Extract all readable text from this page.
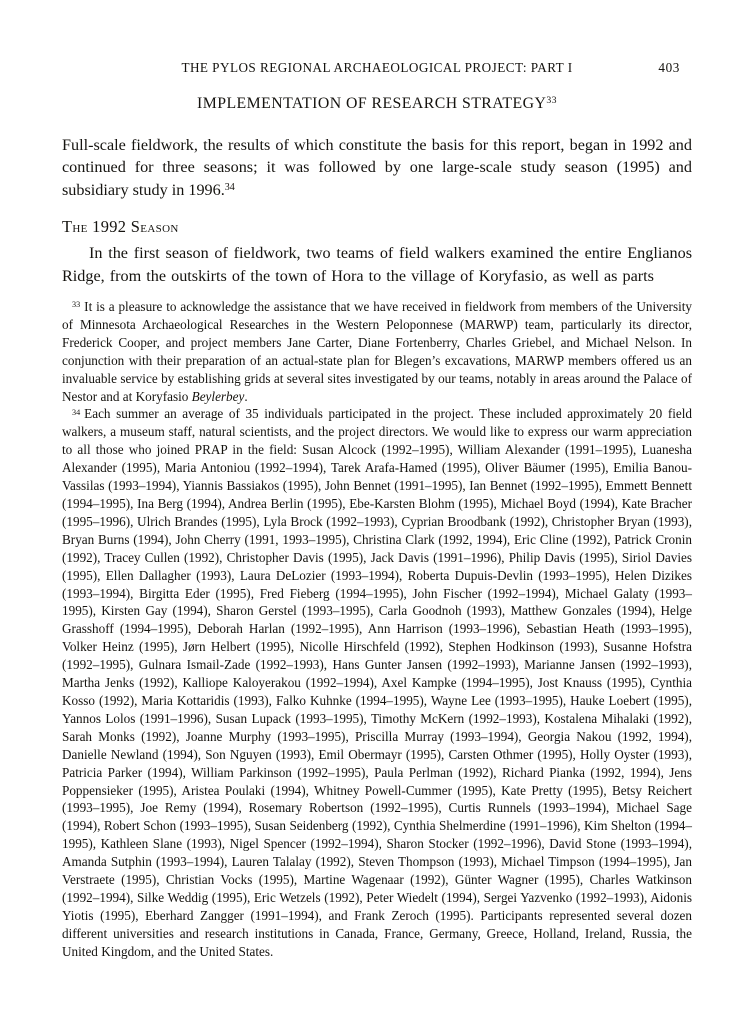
THE PYLOS REGIONAL ARCHAEOLOGICAL PROJECT: PART I	403
IMPLEMENTATION OF RESEARCH STRATEGY$^{33}$

Full-scale fieldwork, the results of which constitute the basis for this report, began in 1992 and continued for three seasons; it was followed by one large-scale study season (1995) and subsidiary study in 1996.34

The 1992 Season

In the first season of fieldwork, two teams of field walkers examined the entire Englianos Ridge, from the outskirts of the town of Hora to the village of Koryfasio, as well as parts

$^{33}$ It is a pleasure to acknowledge the assistance that we have received in fieldwork from members of the University of Minnesota Archaeological Researches in the Western Peloponnese (MARWP) team, particularly its director, Frederick Cooper, and project members Jane Carter, Diane Fortenberry, Charles Griebel, and Michael Nelson. In conjunction with their preparation of an actual-state plan for Blegen’s excavations, MARWP members offered us an invaluable service by establishing grids at several sites investigated by our teams, notably in areas around the Palace of Nestor and at Koryfasio Beylerbey.

$^{34}$ Each summer an average of 35 individuals participated in the project. These included approximately 20 field walkers, a museum staff, natural scientists, and the project directors. We would like to express our warm appreciation to all those who joined PRAP in the field: Susan Alcock (1992–1995), William Alexander (1991–1995), Luanesha Alexander (1995), Maria Antoniou (1992–1994), Tarek Arafa-Hamed (1995), Oliver Bäumer (1995), Emilia Banou-Vassilas (1993–1994), Yiannis Bassiakos (1995), John Bennet (1991–1995), Ian Bennet (1992–1995), Emmett Bennett (1994–1995), Ina Berg (1994), Andrea Berlin (1995), Ebe-Karsten Blohm (1995), Michael Boyd (1994), Kate Bracher (1995–1996), Ulrich Brandes (1995), Lyla Brock (1992–1993), Cyprian Broodbank (1992), Christopher Bryan (1993), Bryan Burns (1994), John Cherry (1991, 1993–1995), Christina Clark (1992, 1994), Eric Cline (1992), Patrick Cronin (1992), Tracey Cullen (1992), Christopher Davis (1995), Jack Davis (1991–1996), Philip Davis (1995), Siriol Davies (1995), Ellen Dallagher (1993), Laura DeLozier (1993–1994), Roberta Dupuis-Devlin (1993–1995), Helen Dizikes (1993–1994), Birgitta Eder (1995), Fred Fieberg (1994–1995), John Fischer (1992–1994), Michael Galaty (1993–1995), Kirsten Gay (1994), Sharon Gerstel (1993–1995), Carla Goodnoh (1993), Matthew Gonzales (1994), Helge Grasshoff (1994–1995), Deborah Harlan (1992–1995), Ann Harrison (1993–1996), Sebastian Heath (1993–1995), Volker Heinz (1995), Jørn Helbert (1995), Nicolle Hirschfeld (1992), Stephen Hodkinson (1993), Susanne Hofstra (1992–1995), Gulnara Ismail-Zade (1992–1993), Hans Gunter Jansen (1992–1993), Marianne Jansen (1992–1993), Martha Jenks (1992), Kalliope Kaloyerakou (1992–1994), Axel Kampke (1994–1995), Jost Knauss (1995), Cynthia Kosso (1992), Maria Kottaridis (1993), Falko Kuhnke (1994–1995), Wayne Lee (1993–1995), Hauke Loebert (1995), Yannos Lolos (1991–1996), Susan Lupack (1993–1995), Timothy McKern (1992–1993), Kostalena Mihalaki (1992), Sarah Monks (1992), Joanne Murphy (1993–1995), Priscilla Murray (1993–1994), Georgia Nakou (1992, 1994), Danielle Newland (1994), Son Nguyen (1993), Emil Obermayr (1995), Carsten Othmer (1995), Holly Oyster (1993), Patricia Parker (1994), William Parkinson (1992–1995), Paula Perlman (1992), Richard Pianka (1992, 1994), Jens Poppensieker (1995), Aristea Poulaki (1994), Whitney Powell-Cummer (1995), Kate Pretty (1995), Betsy Reichert (1993–1995), Joe Remy (1994), Rosemary Robertson (1992–1995), Curtis Runnels (1993–1994), Michael Sage (1994), Robert Schon (1993–1995), Susan Seidenberg (1992), Cynthia Shelmerdine (1991–1996), Kim Shelton (1994–1995), Kathleen Slane (1993), Nigel Spencer (1992–1994), Sharon Stocker (1992–1996), David Stone (1993–1994), Amanda Sutphin (1993–1994), Lauren Talalay (1992), Steven Thompson (1993), Michael Timpson (1994–1995), Jan Verstraete (1995), Christian Vocks (1995), Martine Wagenaar (1992), Günter Wagner (1995), Charles Watkinson (1992–1994), Silke Weddig (1995), Eric Wetzels (1992), Peter Wiedelt (1994), Sergei Yazvenko (1992–1993), Aidonis Yiotis (1995), Eberhard Zangger (1991–1994), and Frank Zeroch (1995). Participants represented several dozen different universities and research institutions in Canada, France, Germany, Greece, Holland, Ireland, Russia, the United Kingdom, and the United States.
